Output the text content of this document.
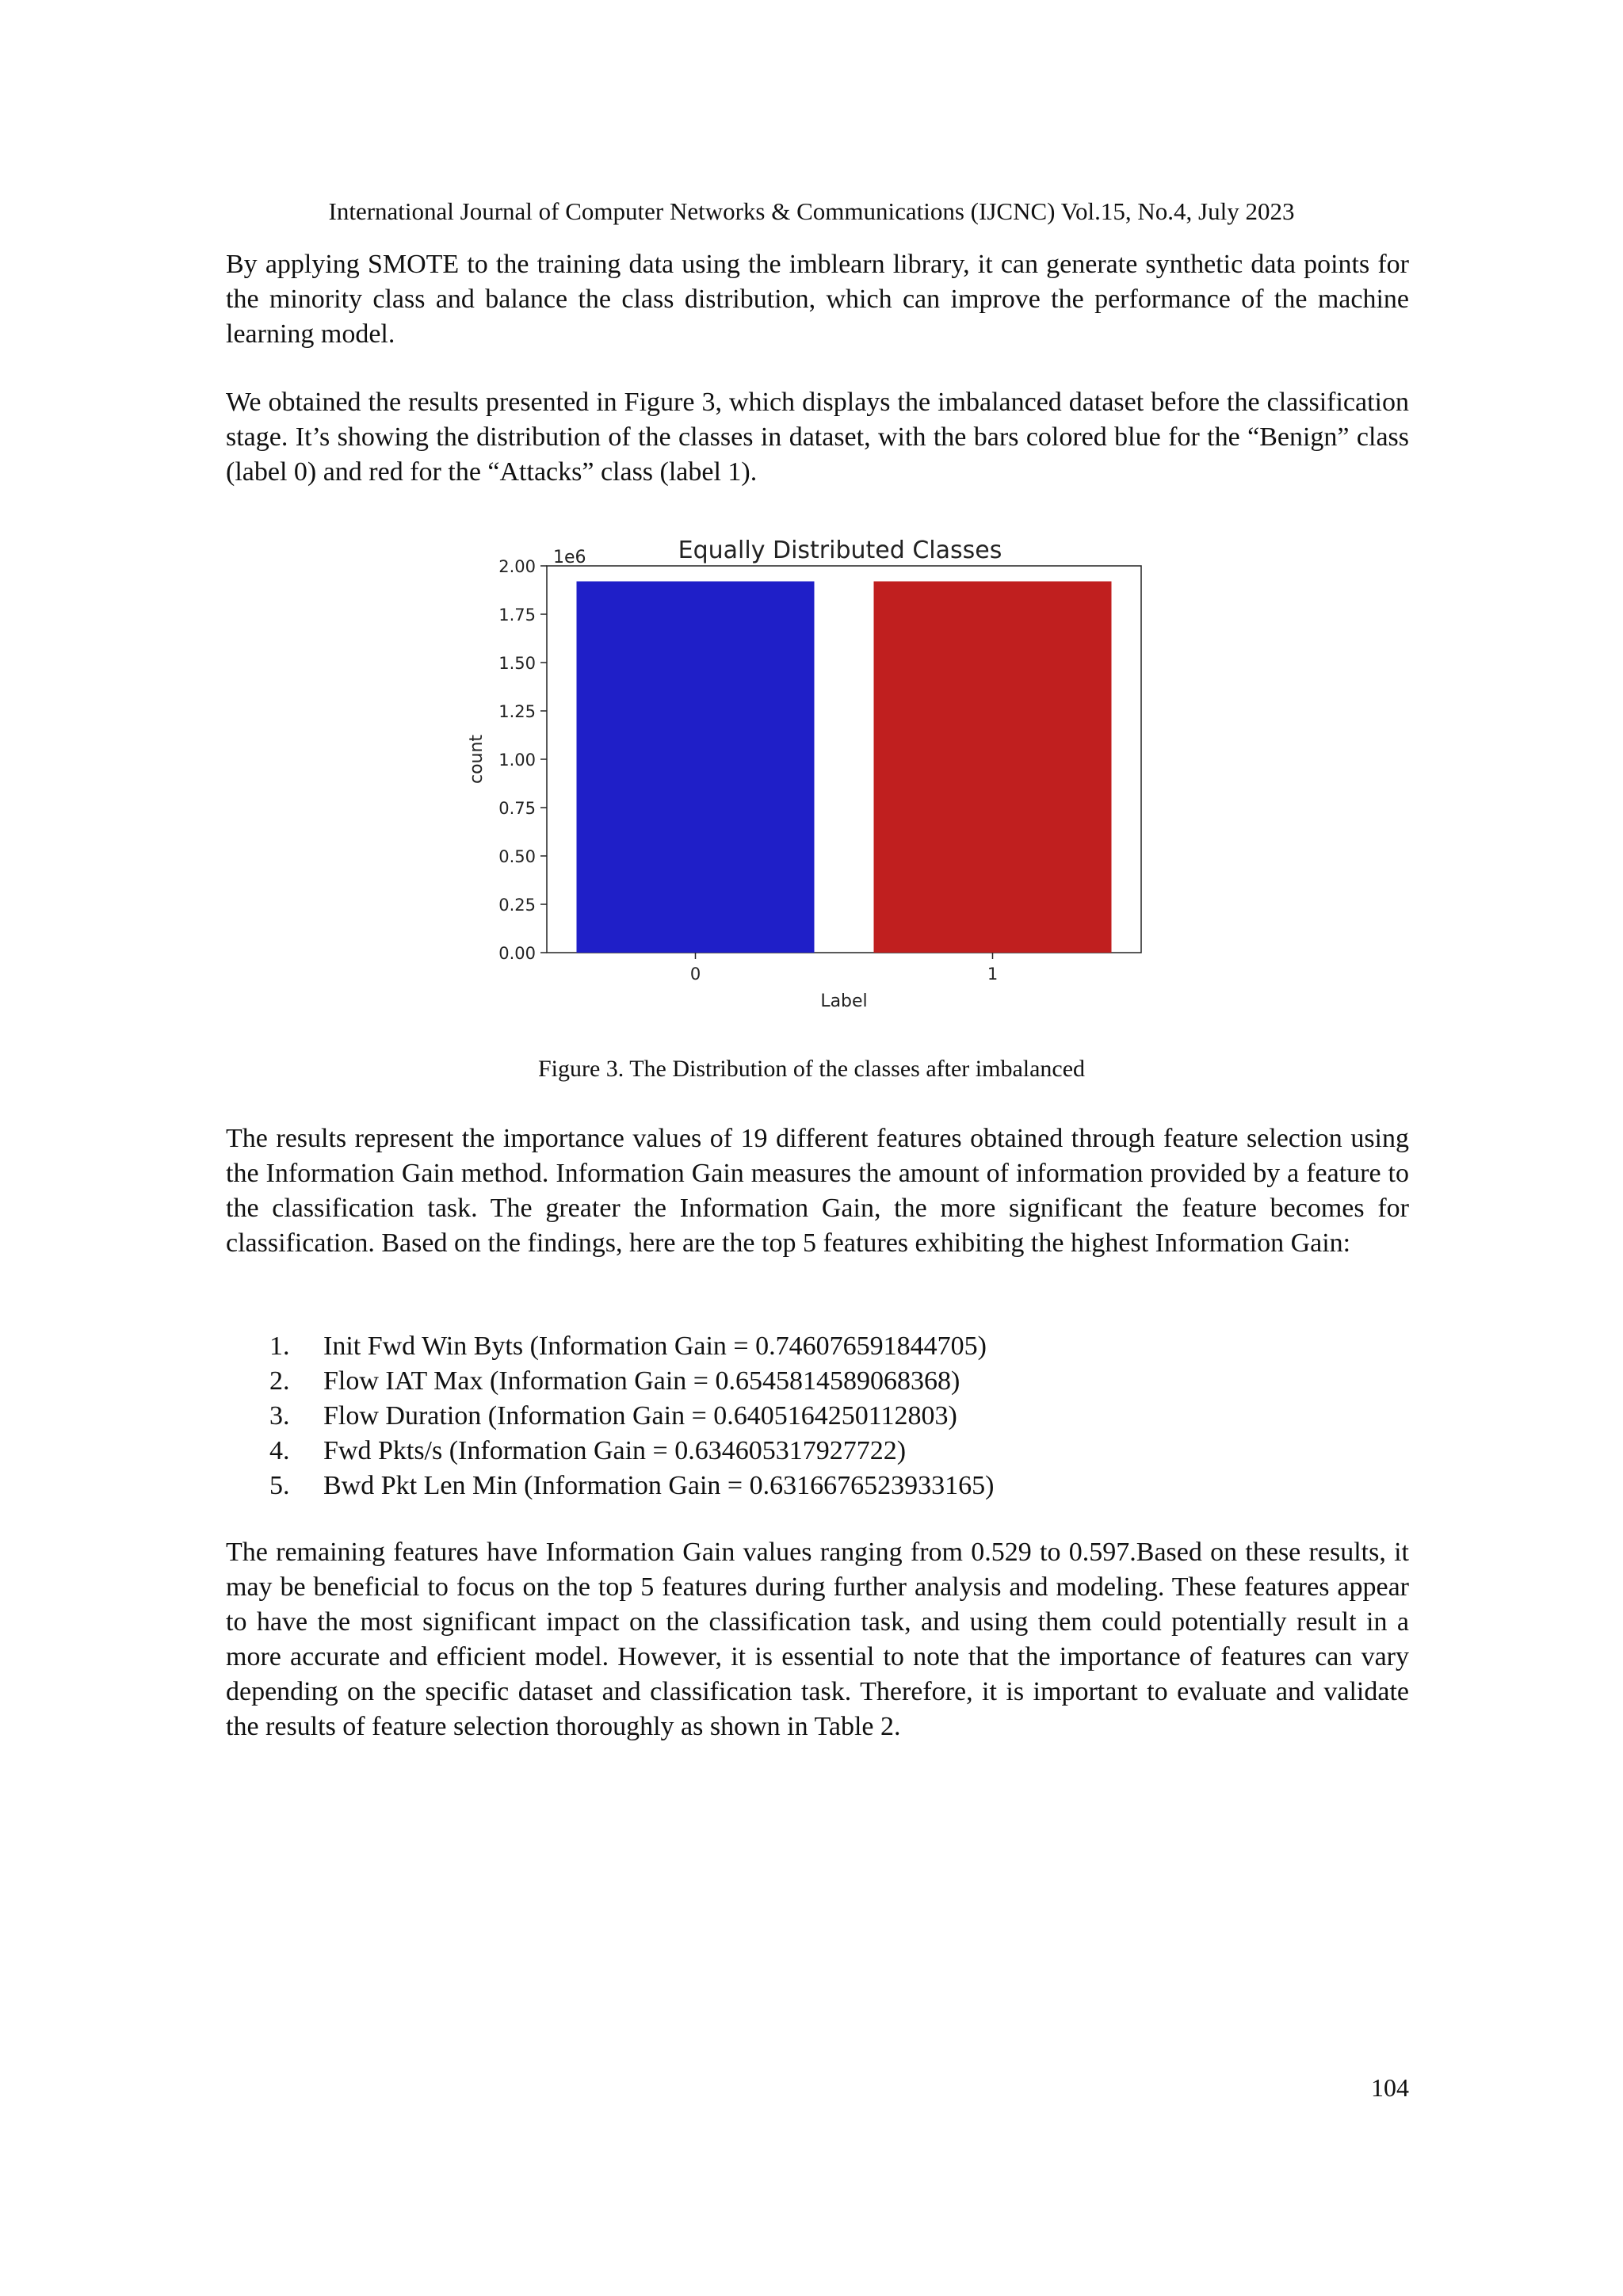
International Journal of Computer Networks & Communications (IJCNC) Vol.15, No.4, July 2023

By applying SMOTE to the training data using the imblearn library, it can generate synthetic data points for the minority class and balance the class distribution, which can improve the performance of the machine learning model.

We obtained the results presented in Figure 3, which displays the imbalanced dataset before the classification stage. It’s showing the distribution of the classes in dataset, with the bars colored blue for the “Benign” class (label 0) and red for the “Attacks” class (label 1).

Equally Distributed Classes
1e6
0.00
0.25
0.50
0.75
1.00
1.25
1.50
1.75
2.00
0	1
Label
count
Figure 3. The Distribution of the classes after imbalanced

The results represent the importance values of 19 different features obtained through feature selection using the Information Gain method. Information Gain measures the amount of information provided by a feature to the classification task. The greater the Information Gain, the more significant the feature becomes for classification. Based on the findings, here are the top 5 features exhibiting the highest Information Gain:

1.	Init Fwd Win Byts (Information Gain = 0.746076591844705)
2.	Flow IAT Max (Information Gain = 0.6545814589068368)
3.	Flow Duration (Information Gain = 0.6405164250112803)
4.	Fwd Pkts/s (Information Gain = 0.634605317927722)
5.	Bwd Pkt Len Min (Information Gain = 0.6316676523933165)

The remaining features have Information Gain values ranging from 0.529 to 0.597.Based on these results, it may be beneficial to focus on the top 5 features during further analysis and modeling. These features appear to have the most significant impact on the classification task, and using them could potentially result in a more accurate and efficient model. However, it is essential to note that the importance of features can vary depending on the specific dataset and classification task. Therefore, it is important to evaluate and validate the results of feature selection thoroughly as shown in Table 2.

104
